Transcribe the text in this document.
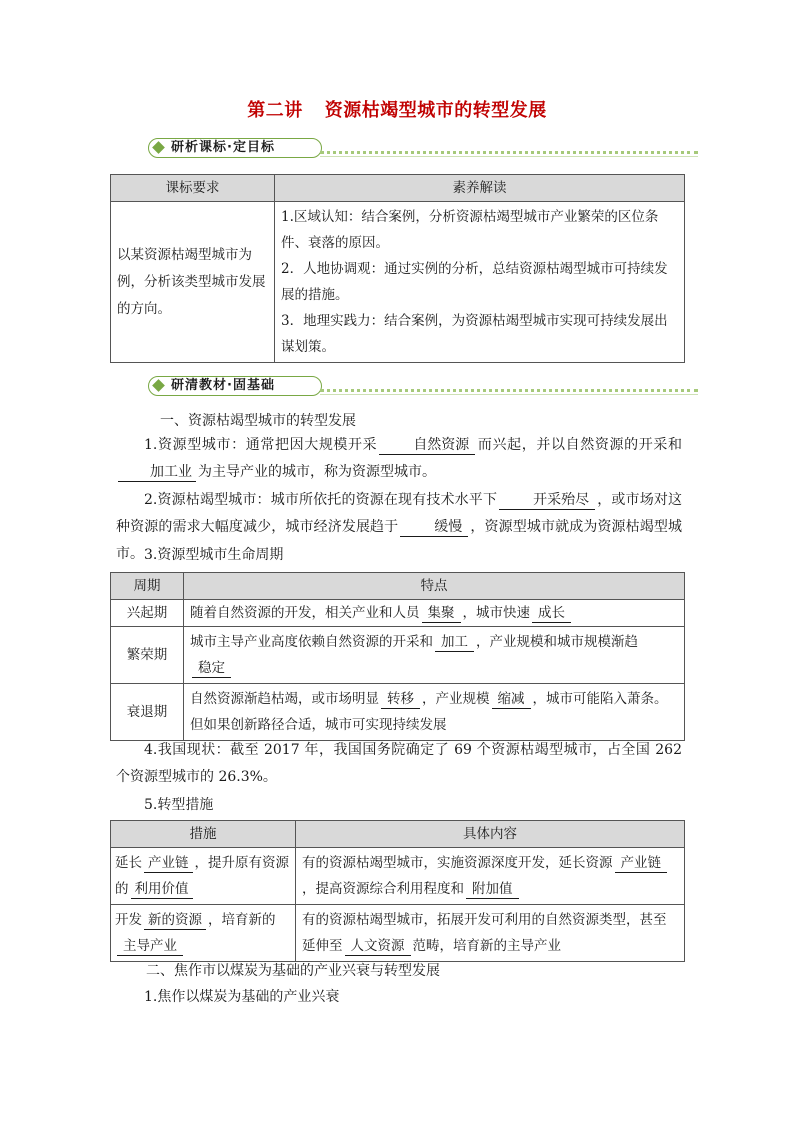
第二讲 资源枯竭型城市的转型发展
研析课标·定目标
课标要求	素养解读
以某资源枯竭型城市为例，分析该类型城市发展的方向。	1.区域认知：结合案例，分析资源枯竭型城市产业繁荣的区位条件、衰落的原因。
2．人地协调观：通过实例的分析，总结资源枯竭型城市可持续发展的措施。
3．地理实践力：结合案例，为资源枯竭型城市实现可持续发展出谋划策。
研清教材·固基础
一、资源枯竭型城市的转型发展
1.资源型城市：通常把因大规模开采	自然资源 而兴起，并以自然资源的开采和加工业 为主导产业的城市，称为资源型城市。
2.资源枯竭型城市：城市所依托的资源在现有技术水平下	开采殆尽 ，或市场对这种资源的需求大幅度减少，城市经济发展趋于	缓慢 ，资源型城市就成为资源枯竭型城市。 3.资源型城市生命周期
周期	特点
兴起期	随着自然资源的开发，相关产业和人员 集聚 ，城市快速 成长
繁荣期	城市主导产业高度依赖自然资源的开采和 加工 ，产业规模和城市规模渐趋稳定
衰退期	自然资源渐趋枯竭，或市场明显 转移 ，产业规模 缩减 ，城市可能陷入萧条。但如果创新路径合适，城市可实现持续发展
4.我国现状：截至 2017 年，我国国务院确定了 69 个资源枯竭型城市，占全国 262 个资源型城市的 26.3%。
5.转型措施
措施	具体内容
延长 产业链 ，提升原有资源的 利用价值	有的资源枯竭型城市，实施资源深度开发，延长资源 产业链，提高资源综合利用程度和 附加值
开发 新的资源 ，培育新的主导产业	有的资源枯竭型城市，拓展开发可利用的自然资源类型，甚至延伸至 人文资源 范畴，培育新的主导产业
二、焦作市以煤炭为基础的产业兴衰与转型发展
1.焦作以煤炭为基础的产业兴衰
